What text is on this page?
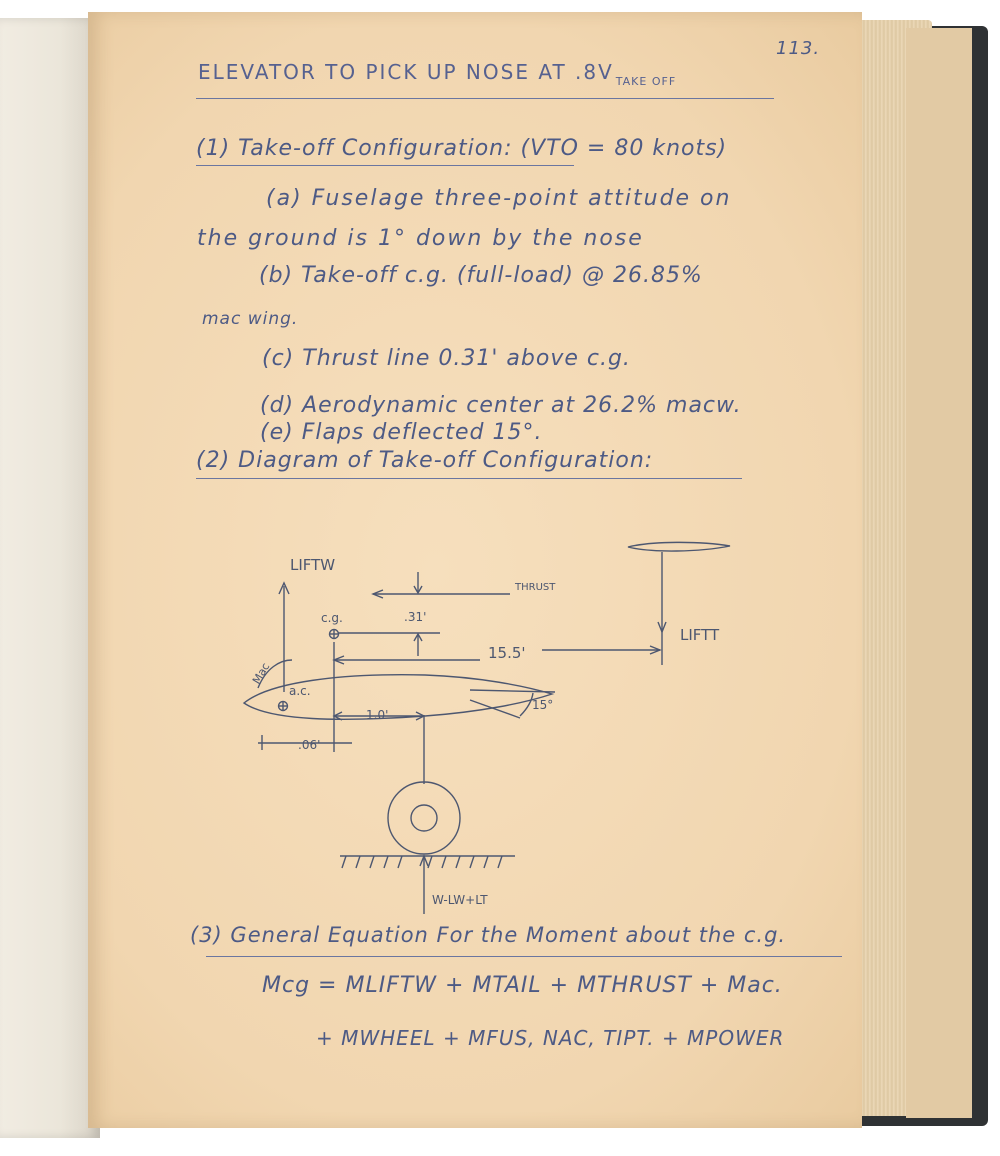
113.
ELEVATOR TO PICK UP NOSE AT .8V $_{TAKE OFF}$
(1) Take-off Configuration: (VTO = 80 knots)
(a) Fuselage three-point attitude on
the ground is 1° down by the nose
(b) Take-off c.g. (full-load) @ 26.85%
mac wing.
(c) Thrust line 0.31' above c.g.
(d) Aerodynamic center at 26.2% macw.
(e) Flaps deflected 15°.
(2) Diagram of Take-off Configuration:
LIFTW
THRUST
c.g.	.31'
15.5'
LIFTT
Mac
a.c.
1.0'
.06'
15°
W-LW+LT
(3) General Equation For the Moment about the c.g.
Mcg = MLIFTW + MTAIL + MTHRUST + Mac.
+ MWHEEL + MFUS, NAC, TIPT. + MPOWER
